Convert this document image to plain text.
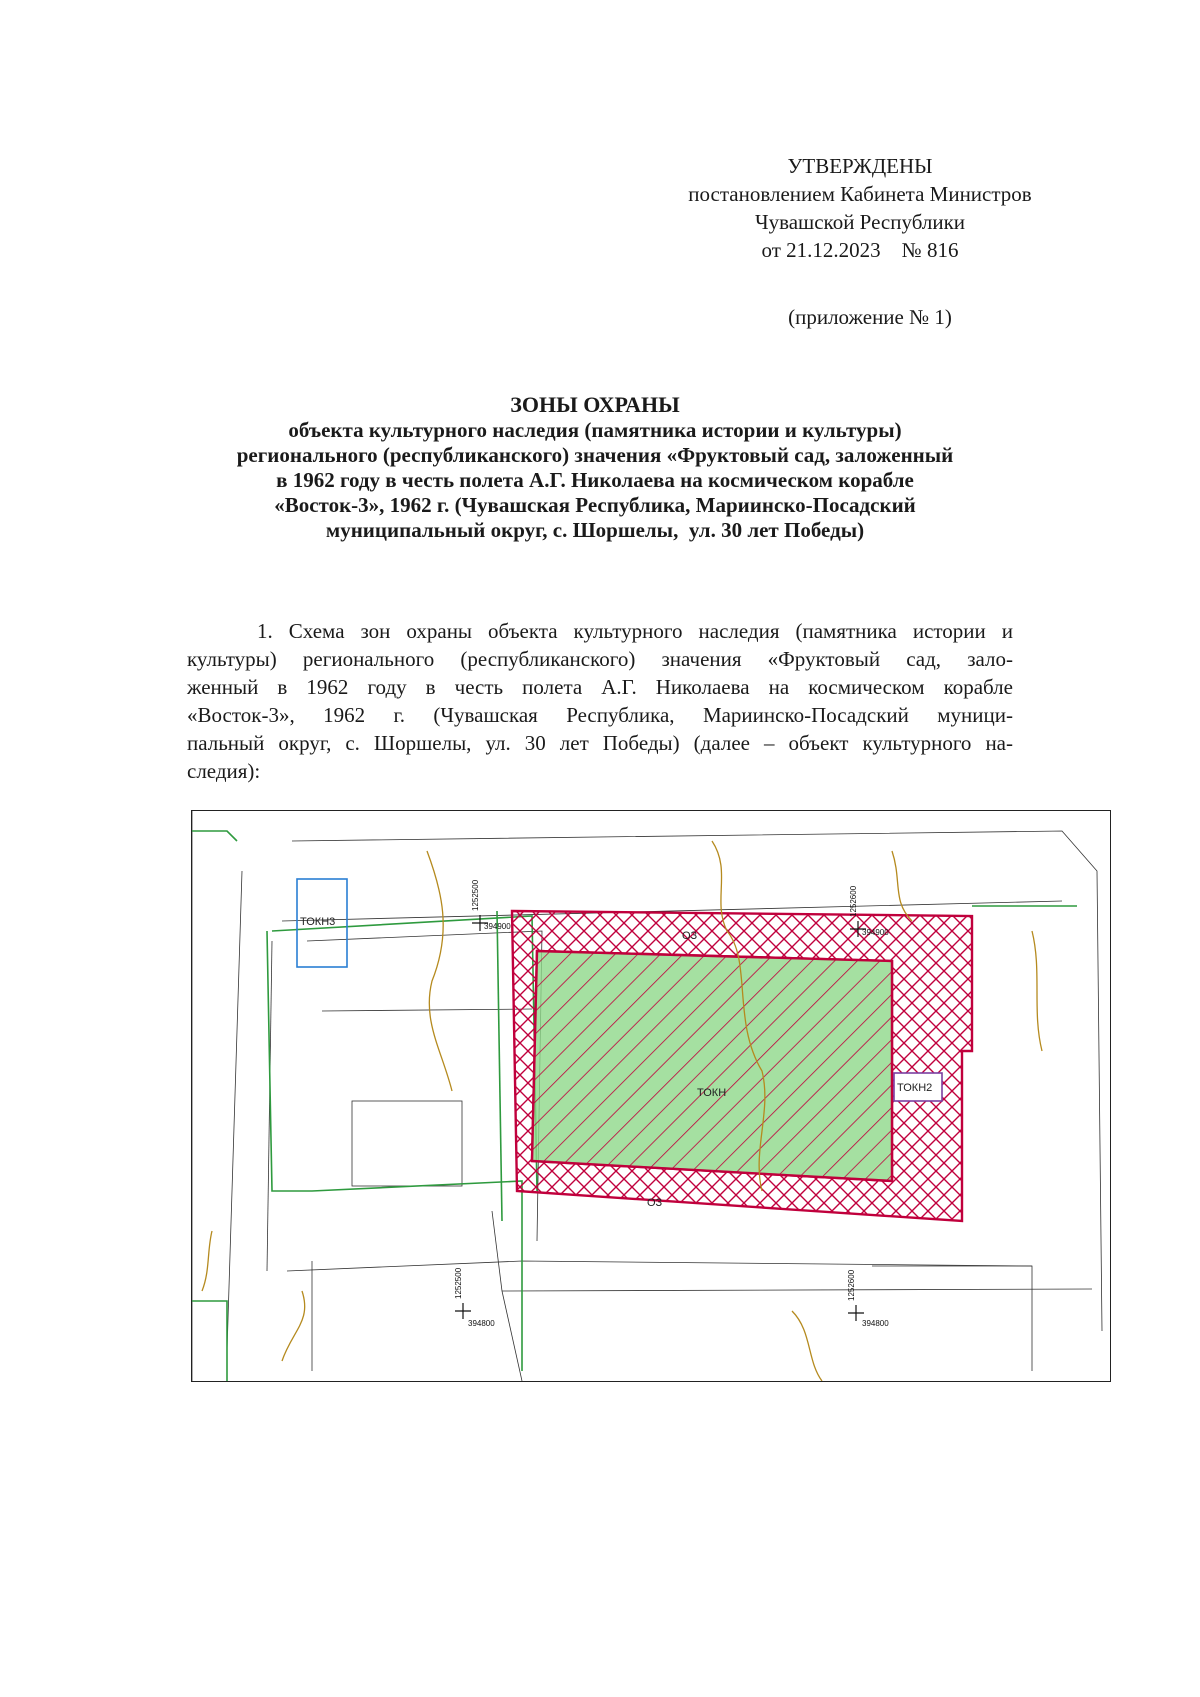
УТВЕРЖДЕНЫ
постановлением Кабинета Министров
Чувашской Республики
от 21.12.2023    № 816
(приложение № 1)
ЗОНЫ ОХРАНЫ
объекта культурного наследия (памятника истории и культуры)
регионального (республиканского) значения «Фруктовый сад, заложенный
в 1962 году в честь полета А.Г. Николаева на космическом корабле
«Восток-3», 1962 г. (Чувашская Республика, Мариинско-Посадский
муниципальный округ, с. Шоршелы,  ул. 30 лет Победы)
1. Схема зон охраны объекта культурного наследия (памятника истории и
культуры) регионального (республиканского) значения «Фруктовый сад, зало-
женный в 1962 году в честь полета А.Г. Николаева на космическом корабле
«Восток-3», 1962 г. (Чувашская Республика, Мариинско-Посадский муници-
пальный округ, с. Шоршелы, ул. 30 лет Победы) (далее – объект культурного на-
следия):
1252500
394900
1252600
394900
1252500
394800
1252600
394800
ТОКН3
ОЗ
ТОКН	ТОКН2
ОЗ
